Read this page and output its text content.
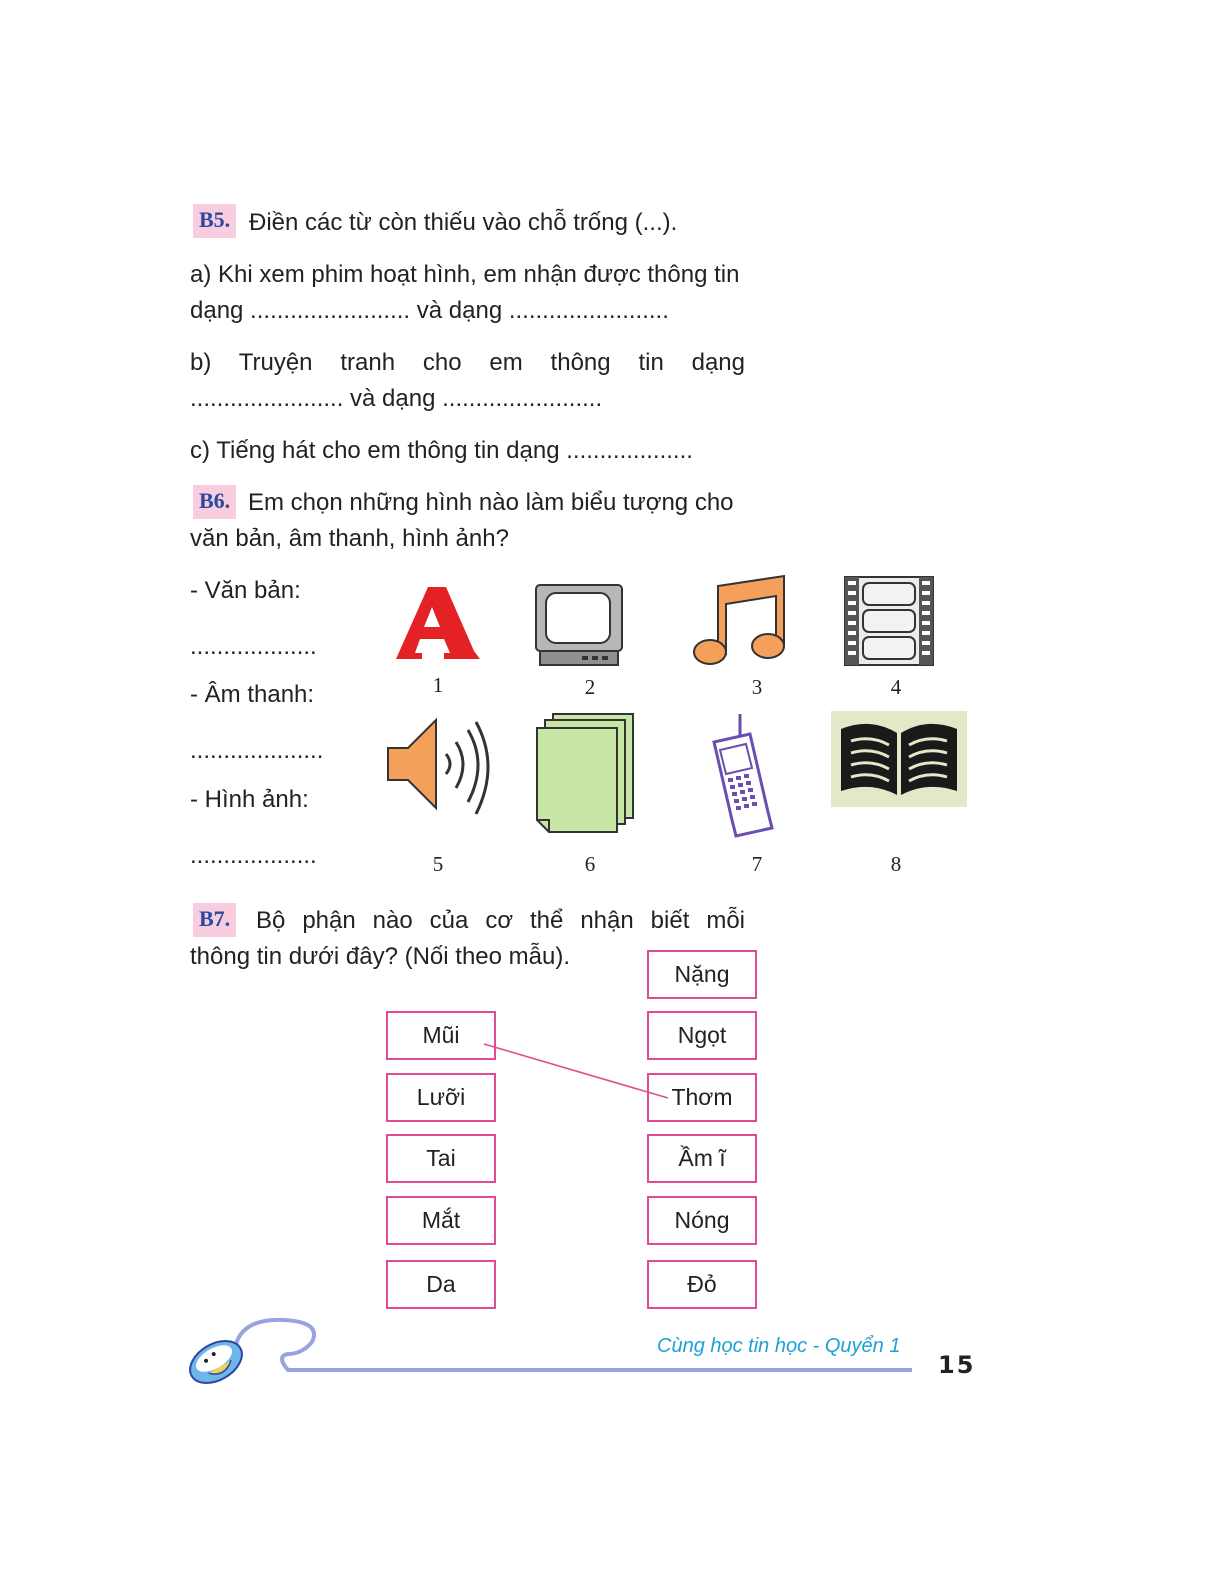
B5. Điền các từ còn thiếu vào chỗ trống (...).
a) Khi xem phim hoạt hình, em nhận được thông tin
dạng ........................ và dạng ........................
b) Truyện tranh cho em thông tin dạng
....................... và dạng ........................
c) Tiếng hát cho em thông tin dạng ...................
B6. Em chọn những hình nào làm biểu tượng cho
văn bản, âm thanh, hình ảnh?
- Văn bản:
...................
- Âm thanh:
....................
- Hình ảnh:
...................
1	2	3	4
5	6	7	8
B7. Bộ phận nào của cơ thể nhận biết mỗi
thông tin dưới đây? (Nối theo mẫu).
Mũi
Lưỡi
Tai
Mắt
Da
Nặng
Ngọt
Thơm
Ầm ĩ
Nóng
Đỏ
Cùng học tin học - Quyển 1
15
